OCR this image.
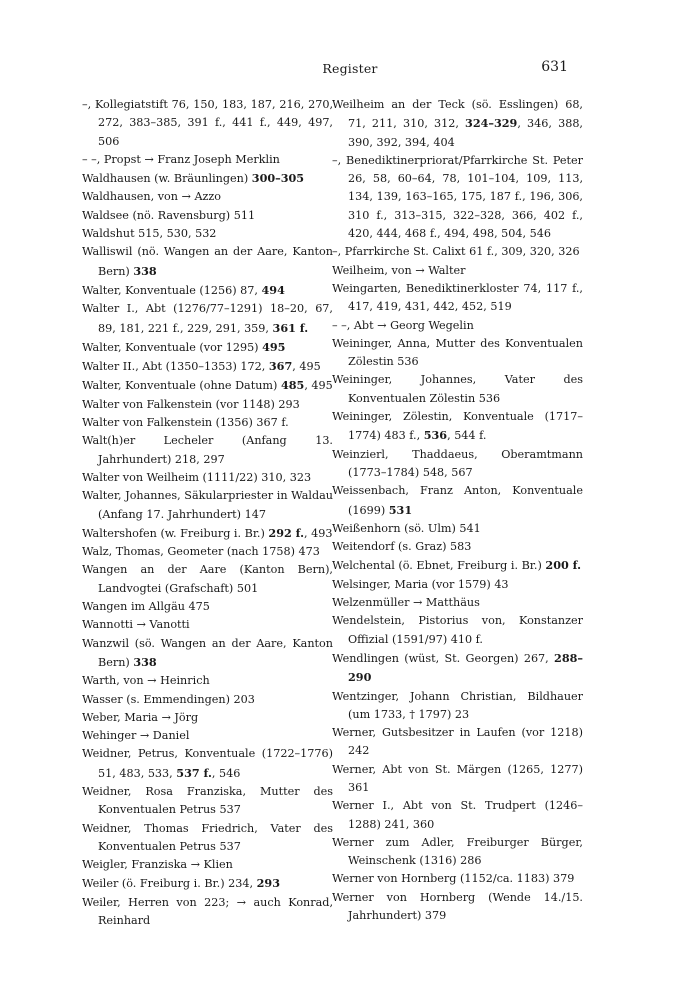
Register	631

–, Kollegiatstift 76, 150, 183, 187, 216, 270, 272, 383–385, 391 f., 441 f., 449, 497, 506

– –, Propst → Franz Joseph Merklin

Waldhausen (w. Bräunlingen) 300–305

Waldhausen, von → Azzo

Waldsee (nö. Ravensburg) 511

Waldshut 515, 530, 532

Walliswil (nö. Wangen an der Aare, Kanton Bern) 338

Walter, Konventuale (1256) 87, 494

Walter I., Abt (1276/77–1291) 18–20, 67, 89, 181, 221 f., 229, 291, 359, 361 f.

Walter, Konventuale (vor 1295) 495

Walter II., Abt (1350–1353) 172, 367, 495

Walter, Konventuale (ohne Datum) 485, 495

Walter von Falkenstein (vor 1148) 293

Walter von Falkenstein (1356) 367 f.

Walt(h)er Lecheler (Anfang 13. Jahrhundert) 218, 297

Walter von Weilheim (1111/22) 310, 323

Walter, Johannes, Säkularpriester in Waldau (Anfang 17. Jahrhundert) 147

Waltershofen (w. Freiburg i. Br.) 292 f., 493

Walz, Thomas, Geometer (nach 1758) 473

Wangen an der Aare (Kanton Bern), Landvogtei (Grafschaft) 501

Wangen im Allgäu 475

Wannotti → Vanotti

Wanzwil (sö. Wangen an der Aare, Kanton Bern) 338

Warth, von → Heinrich

Wasser (s. Emmendingen) 203

Weber, Maria → Jörg

Wehinger → Daniel

Weidner, Petrus, Konventuale (1722–1776) 51, 483, 533, 537 f., 546

Weidner, Rosa Franziska, Mutter des Konventualen Petrus 537

Weidner, Thomas Friedrich, Vater des Konventualen Petrus 537

Weigler, Franziska → Klien

Weiler (ö. Freiburg i. Br.) 234, 293

Weiler, Herren von 223; → auch Konrad, Reinhard

Weilheim an der Teck (sö. Esslingen) 68, 71, 211, 310, 312, 324–329, 346, 388, 390, 392, 394, 404

–, Benediktinerpriorat/Pfarrkirche St. Peter 26, 58, 60–64, 78, 101–104, 109, 113, 134, 139, 163–165, 175, 187 f., 196, 306, 310 f., 313–315, 322–328, 366, 402 f., 420, 444, 468 f., 494, 498, 504, 546

–, Pfarrkirche St. Calixt 61 f., 309, 320, 326

Weilheim, von → Walter

Weingarten, Benediktinerkloster 74, 117 f., 417, 419, 431, 442, 452, 519

– –, Abt → Georg Wegelin

Weininger, Anna, Mutter des Konventualen Zölestin 536

Weininger, Johannes, Vater des Konventualen Zölestin 536

Weininger, Zölestin, Konventuale (1717–1774) 483 f., 536, 544 f.

Weinzierl, Thaddaeus, Oberamtmann (1773–1784) 548, 567

Weissenbach, Franz Anton, Konventuale (1699) 531

Weißenhorn (sö. Ulm) 541

Weitendorf (s. Graz) 583

Welchental (ö. Ebnet, Freiburg i. Br.) 200 f.

Welsinger, Maria (vor 1579) 43

Welzenmüller → Matthäus

Wendelstein, Pistorius von, Konstanzer Offizial (1591/97) 410 f.

Wendlingen (wüst, St. Georgen) 267, 288–290

Wentzinger, Johann Christian, Bildhauer (um 1733, † 1797) 23

Werner, Gutsbesitzer in Laufen (vor 1218) 242

Werner, Abt von St. Märgen (1265, 1277) 361

Werner I., Abt von St. Trudpert (1246–1288) 241, 360

Werner zum Adler, Freiburger Bürger, Weinschenk (1316) 286

Werner von Hornberg (1152/ca. 1183) 379

Werner von Hornberg (Wende 14./15. Jahrhundert) 379
